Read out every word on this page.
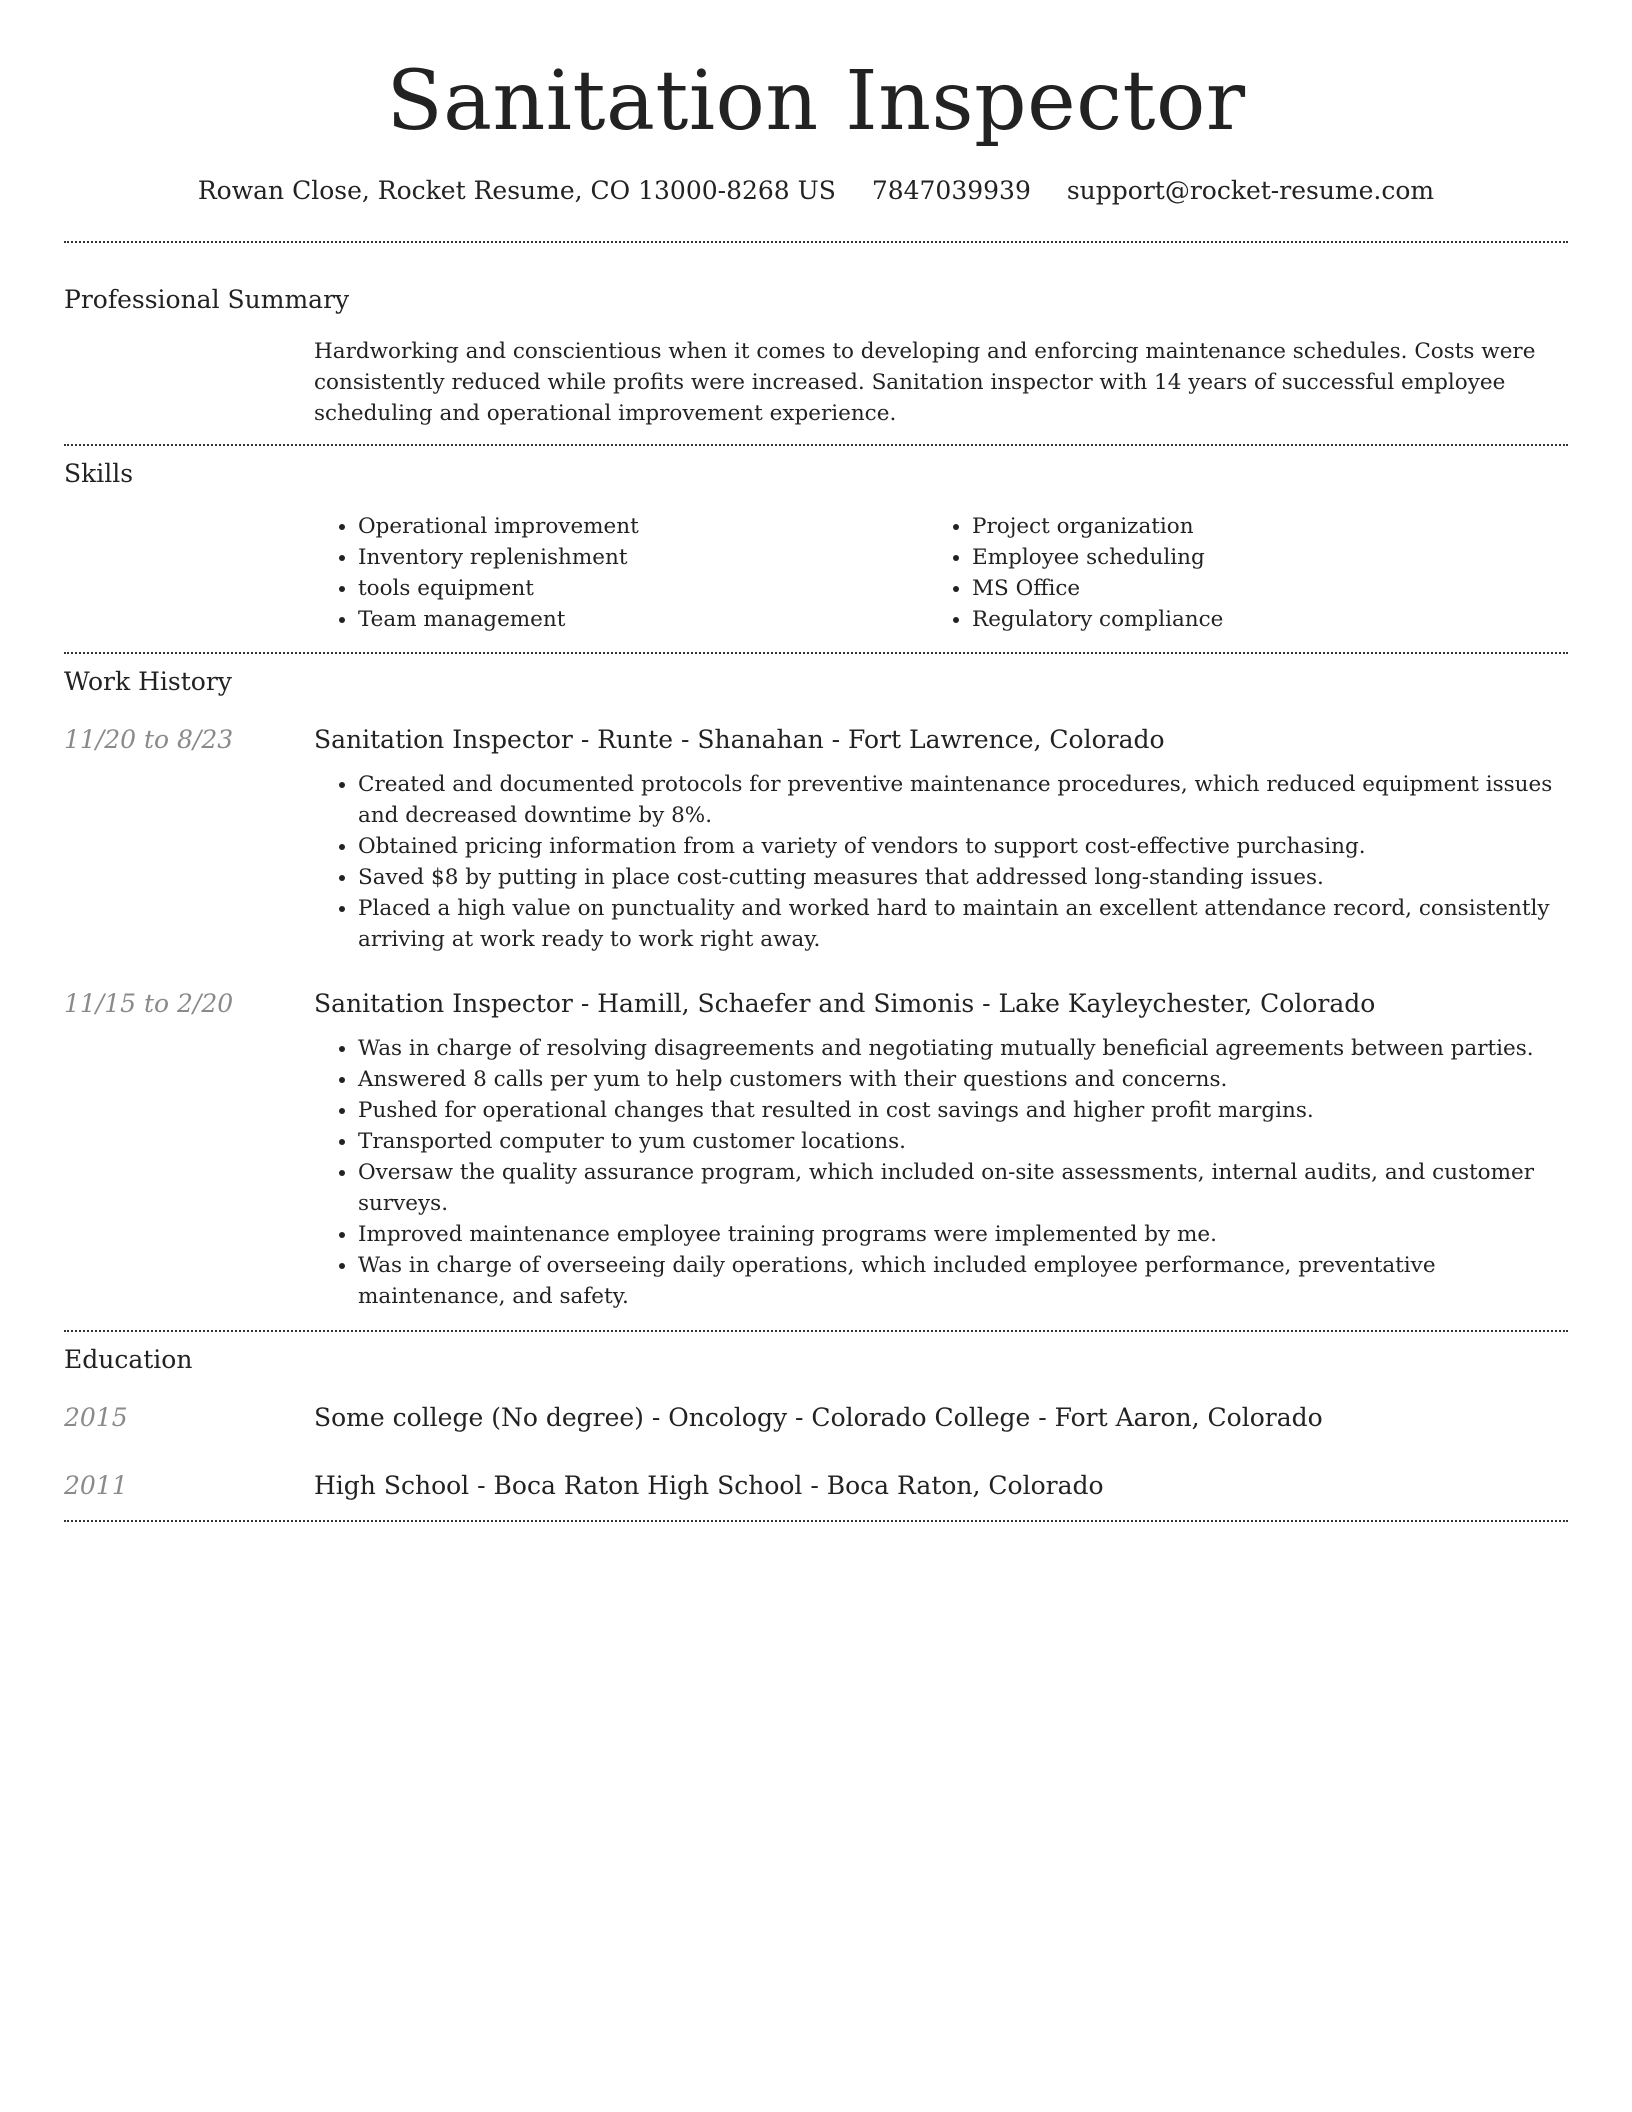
Sanitation Inspector
Rowan Close, Rocket Resume, CO 13000-8268 US 7847039939 support@rocket-resume.com
Professional Summary

Hardworking and conscientious when it comes to developing and enforcing maintenance schedules. Costs were consistently reduced while profits were increased. Sanitation inspector with 14 years of successful employee scheduling and operational improvement experience.

Skills
• Operational improvement
• Inventory replenishment
• tools equipment
• Team management
• Project organization
• Employee scheduling
• MS Office
• Regulatory compliance
Work History
11/20 to 8/23	Sanitation Inspector - Runte - Shanahan - Fort Lawrence, Colorado
• Created and documented protocols for preventive maintenance procedures, which reduced equipment issues and decreased downtime by 8%.
• Obtained pricing information from a variety of vendors to support cost-effective purchasing.
• Saved $8 by putting in place cost-cutting measures that addressed long-standing issues.
• Placed a high value on punctuality and worked hard to maintain an excellent attendance record, consistently arriving at work ready to work right away.
11/15 to 2/20	Sanitation Inspector - Hamill, Schaefer and Simonis - Lake Kayleychester, Colorado
• Was in charge of resolving disagreements and negotiating mutually beneficial agreements between parties.
• Answered 8 calls per yum to help customers with their questions and concerns.
• Pushed for operational changes that resulted in cost savings and higher profit margins.
• Transported computer to yum customer locations.
• Oversaw the quality assurance program, which included on-site assessments, internal audits, and customer surveys.
• Improved maintenance employee training programs were implemented by me.
• Was in charge of overseeing daily operations, which included employee performance, preventative maintenance, and safety.
Education
2015	Some college (No degree) - Oncology - Colorado College - Fort Aaron, Colorado

2011	High School - Boca Raton High School - Boca Raton, Colorado
